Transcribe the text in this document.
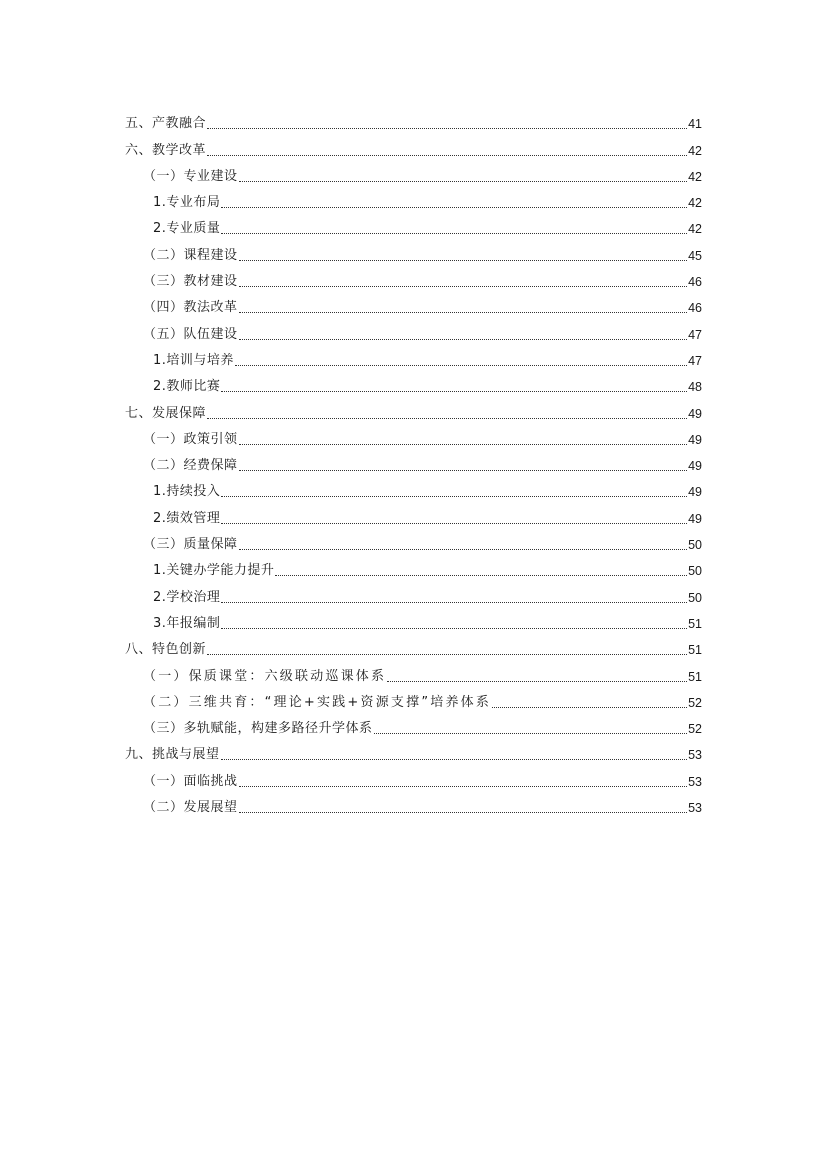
五、产教融合	41
六、教学改革	42
（一）专业建设	42
1.专业布局	42
2.专业质量	42
（二）课程建设	45
（三）教材建设	46
（四）教法改革	46
（五）队伍建设	47
1.培训与培养	47
2.教师比赛	48
七、发展保障	49
（一）政策引领	49
（二）经费保障	49
1.持续投入	49
2.绩效管理	49
（三）质量保障	50
1.关键办学能力提升	50
2.学校治理	50
3.年报编制	51
八、特色创新	51
（一）保质课堂：六级联动巡课体系	51
（二）三维共育：“理论+实践+资源支撑”培养体系	52
（三）多轨赋能，构建多路径升学体系	52
九、挑战与展望	53
（一）面临挑战	53
（二）发展展望	53
